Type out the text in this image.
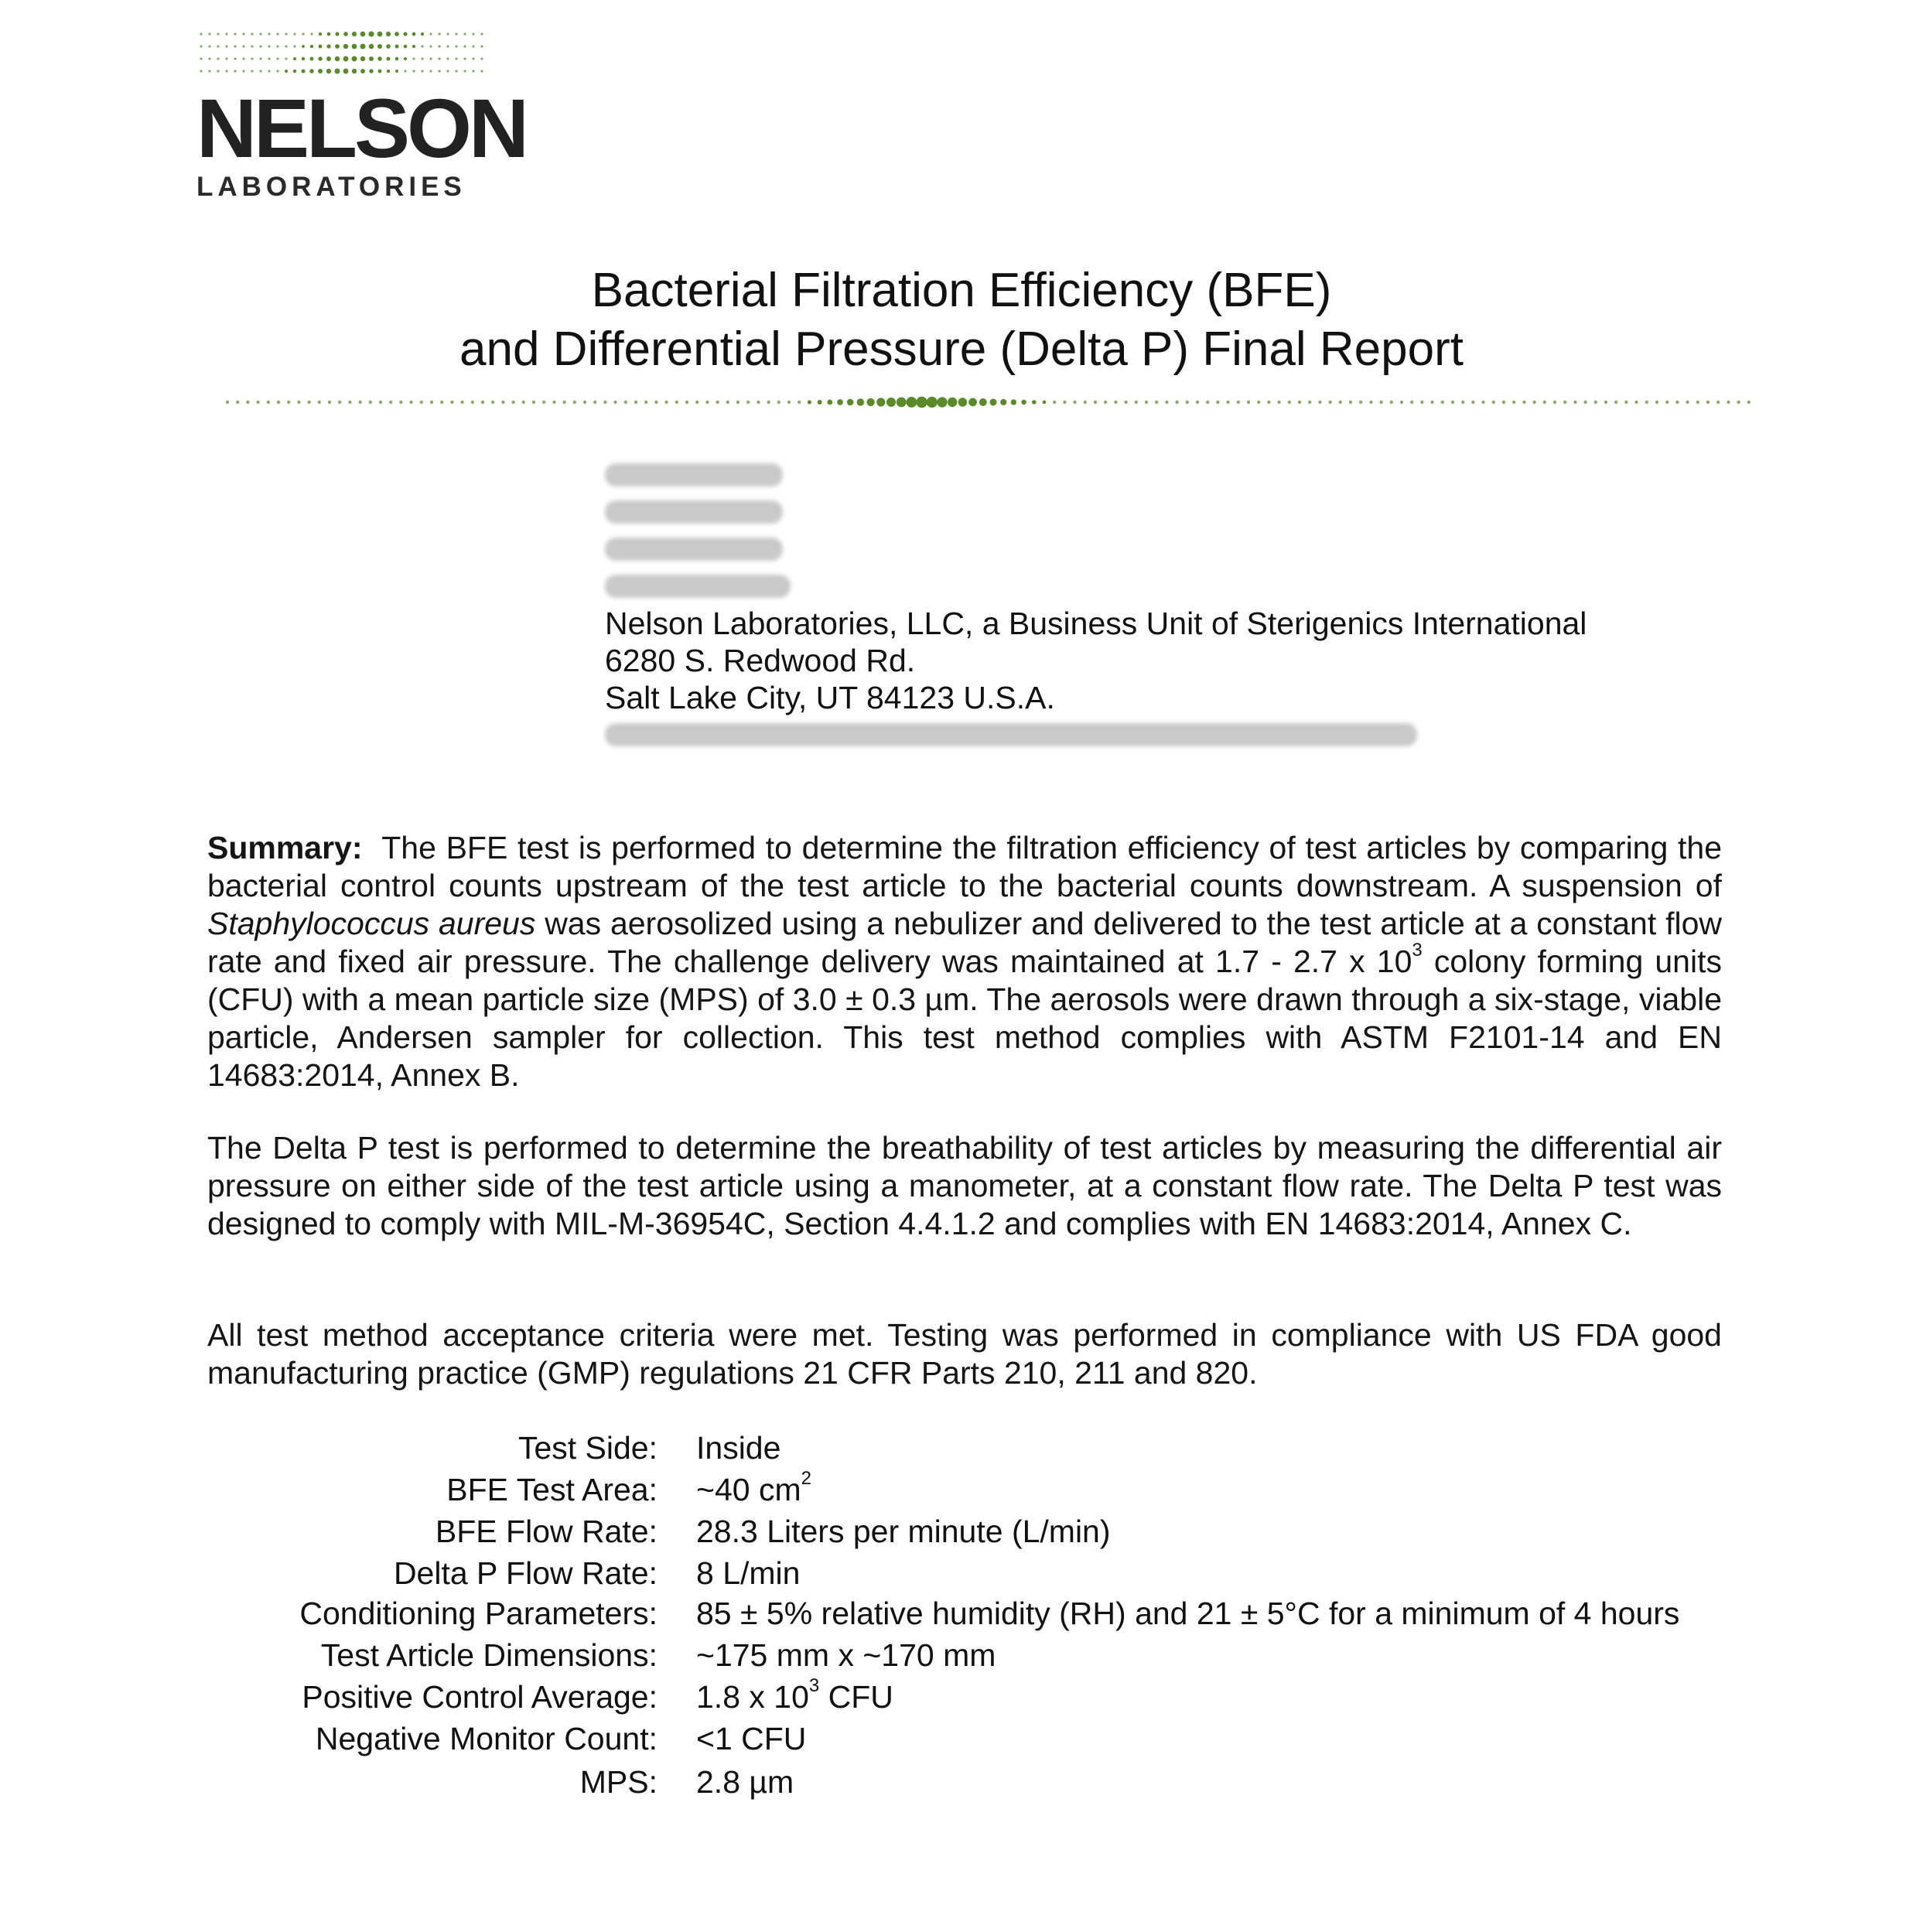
NELSON
LABORATORIES
Bacterial Filtration Efficiency (BFE)
and Differential Pressure (Delta P) Final Report
Nelson Laboratories, LLC, a Business Unit of Sterigenics International
6280 S. Redwood Rd.
Salt Lake City, UT 84123 U.S.A.
Summary: The BFE test is performed to determine the filtration efficiency of test articles by comparing the bacterial control counts upstream of the test article to the bacterial counts downstream. A suspension of Staphylococcus aureus was aerosolized using a nebulizer and delivered to the test article at a constant flow rate and fixed air pressure. The challenge delivery was maintained at 1.7 - 2.7 x $10^3$ colony forming units (CFU) with a mean particle size (MPS) of 3.0 ± 0.3 µm. The aerosols were drawn through a six-stage, viable particle, Andersen sampler for collection. This test method complies with ASTM F2101-14 and EN 14683:2014, Annex B.
The Delta P test is performed to determine the breathability of test articles by measuring the differential air pressure on either side of the test article using a manometer, at a constant flow rate. The Delta P test was designed to comply with MIL-M-36954C, Section 4.4.1.2 and complies with EN 14683:2014, Annex C.
All test method acceptance criteria were met. Testing was performed in compliance with US FDA good manufacturing practice (GMP) regulations 21 CFR Parts 210, 211 and 820.
Test Side: Inside
BFE Test Area: ~40 $cm^2$
BFE Flow Rate: 28.3 Liters per minute (L/min)
Delta P Flow Rate: 8 L/min
Conditioning Parameters: 85 ± 5% relative humidity (RH) and 21 ± 5°C for a minimum of 4 hours
Test Article Dimensions: ~175 mm x ~170 mm
Positive Control Average: 1.8 x $10^3$ CFU
Negative Monitor Count: <1 CFU
MPS: 2.8 µm
